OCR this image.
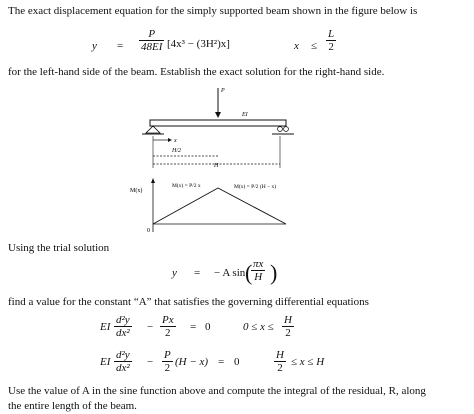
The exact displacement equation for the simply supported beam shown in the figure below is
$y = \frac{P}{48EI} [4x^3 - (3H^2)x]$	$x \le \frac{L}{2}$
for the left-hand side of the beam. Establish the exact solution for the right-hand side.
P
EI
x
H/2
H
M(x)
M(x) = P/2 x	M(x) = P/2 (H − x)
0
Using the trial solution
y = − A sin (
$\frac{\pi x}{H}$ )
find a value for the constant “A” that satisfies the governing differential equations
EI $\frac{\text{d²y}}{\text{dx²}} - \frac{Px}{2} = 0$	$0 \le x \le \frac{H}{2}$
EI $\frac{\text{d²y}}{\text{dx²}} - \frac{P}{2} (H - x) = 0$	$\frac{H}{2} \le x \le H$
Use the value of A in the sine function above and compute the integral of the residual, R, along
the entire length of the beam.
